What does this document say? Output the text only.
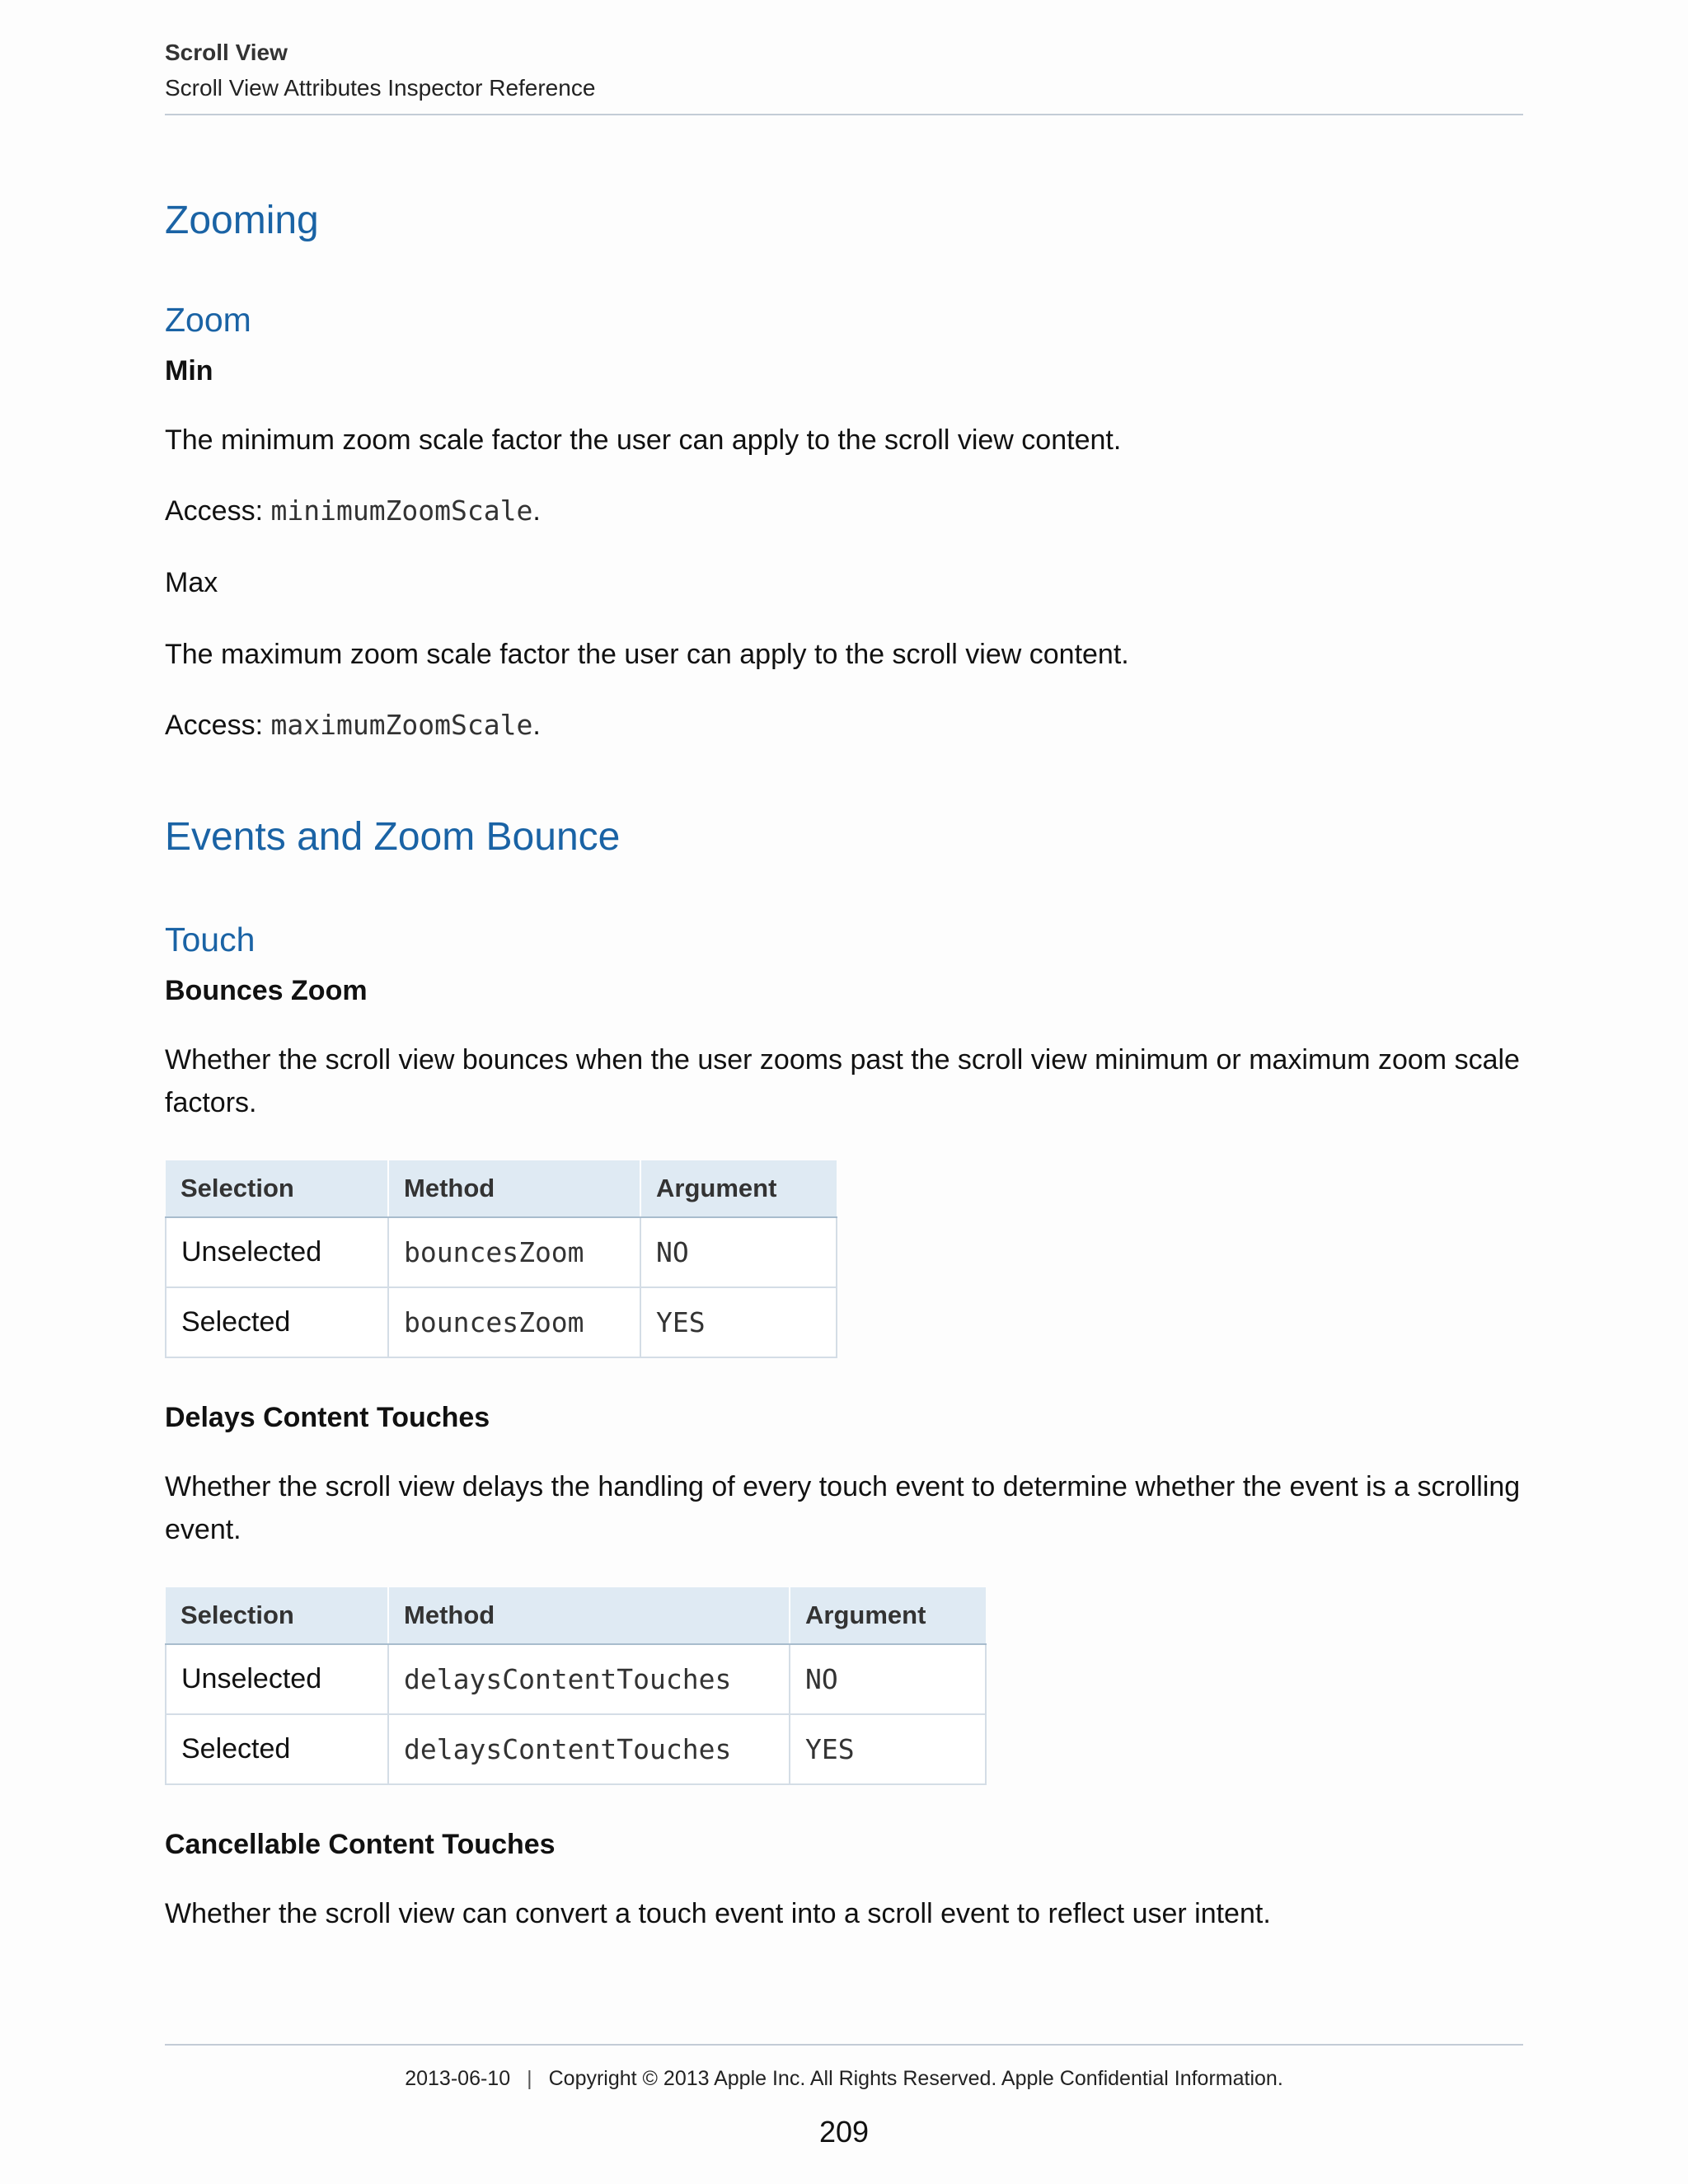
Scroll View
Scroll View Attributes Inspector Reference
Zooming
Zoom
Min

The minimum zoom scale factor the user can apply to the scroll view content.

Access: minimumZoomScale.

Max

The maximum zoom scale factor the user can apply to the scroll view content.

Access: maximumZoomScale.

Events and Zoom Bounce
Touch
Bounces Zoom

Whether the scroll view bounces when the user zooms past the scroll view minimum or maximum zoom scale factors.

Selection	Method	Argument
Unselected	bouncesZoom	NO
Selected	bouncesZoom	YES
Delays Content Touches

Whether the scroll view delays the handling of every touch event to determine whether the event is a scrolling event.

Selection	Method	Argument
Unselected	delaysContentTouches	NO
Selected	delaysContentTouches	YES
Cancellable Content Touches

Whether the scroll view can convert a touch event into a scroll event to reflect user intent.

2013-06-10 | Copyright © 2013 Apple Inc. All Rights Reserved. Apple Confidential Information.
209
